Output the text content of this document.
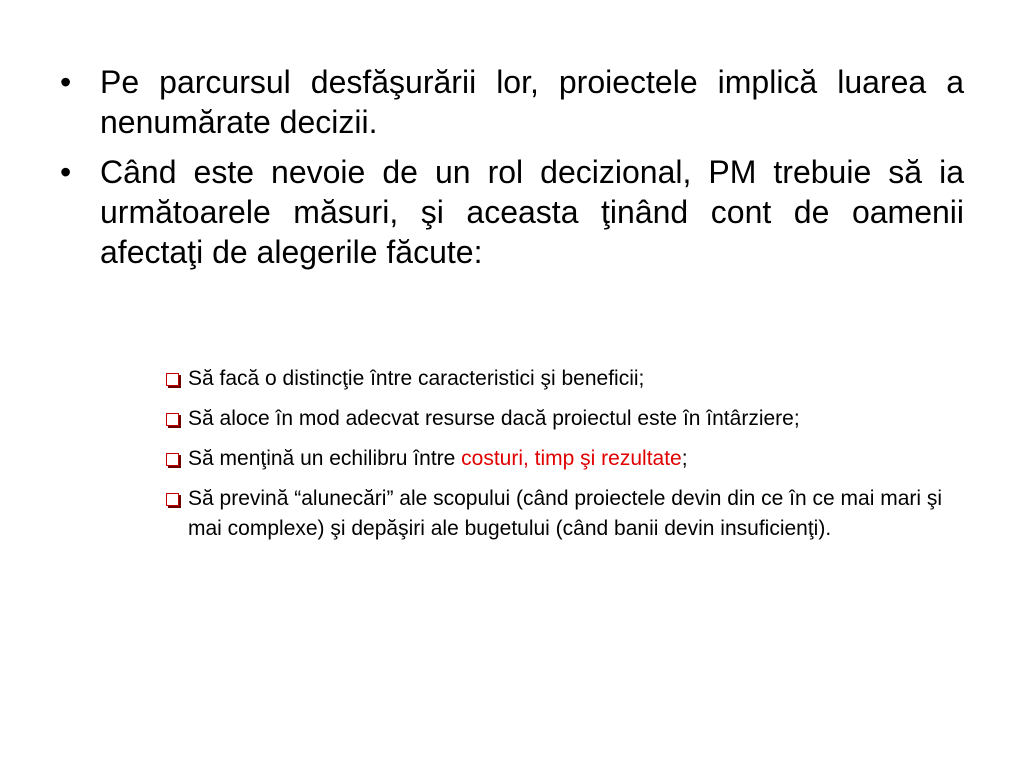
• Pe parcursul desfăşurării lor, proiectele implică luarea a nenumărate decizii.
• Când este nevoie de un rol decizional, PM trebuie să ia următoarele măsuri, şi aceasta ţinând cont de oamenii afectaţi de alegerile făcute:
Să facă o distincţie între caracteristici şi beneficii;
Să aloce în mod adecvat resurse dacă proiectul este în întârziere;
Să menţină un echilibru între costuri, timp şi rezultate;
Să prevină “alunecări” ale scopului (când proiectele devin din ce în ce mai mari şi mai complexe) şi depăşiri ale bugetului (când banii devin insuficienţi).
